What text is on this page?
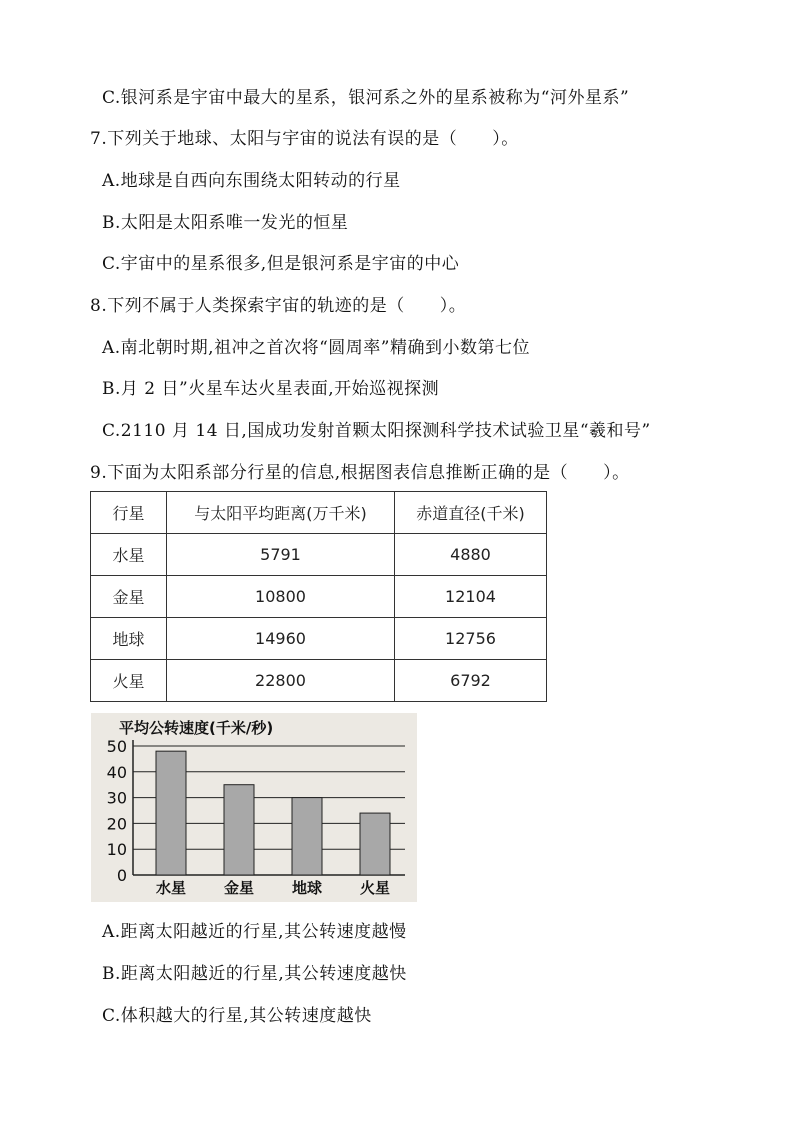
C.银河系是宇宙中最大的星系，银河系之外的星系被称为“河外星系”
7.下列关于地球、太阳与宇宙的说法有误的是（　　）。
A.地球是自西向东围绕太阳转动的行星
B.太阳是太阳系唯一发光的恒星
C.宇宙中的星系很多,但是银河系是宇宙的中心
8.下列不属于人类探索宇宙的轨迹的是（　　）。
A.南北朝时期,祖冲之首次将“圆周率”精确到小数第七位
B.月 2 日”火星车达火星表面,开始巡视探测
C.2110 月 14 日,国成功发射首颗太阳探测科学技术试验卫星“羲和号”
9.下面为太阳系部分行星的信息,根据图表信息推断正确的是（　　）。
行星	与太阳平均距离(万千米)	赤道直径(千米)
水星	5791	4880
金星	10800	12104
地球	14960	12756
火星	22800	6792
平均公转速度(千米/秒)
0
10
20
30
40
50
水星	金星	地球	火星
A.距离太阳越近的行星,其公转速度越慢
B.距离太阳越近的行星,其公转速度越快
C.体积越大的行星,其公转速度越快
